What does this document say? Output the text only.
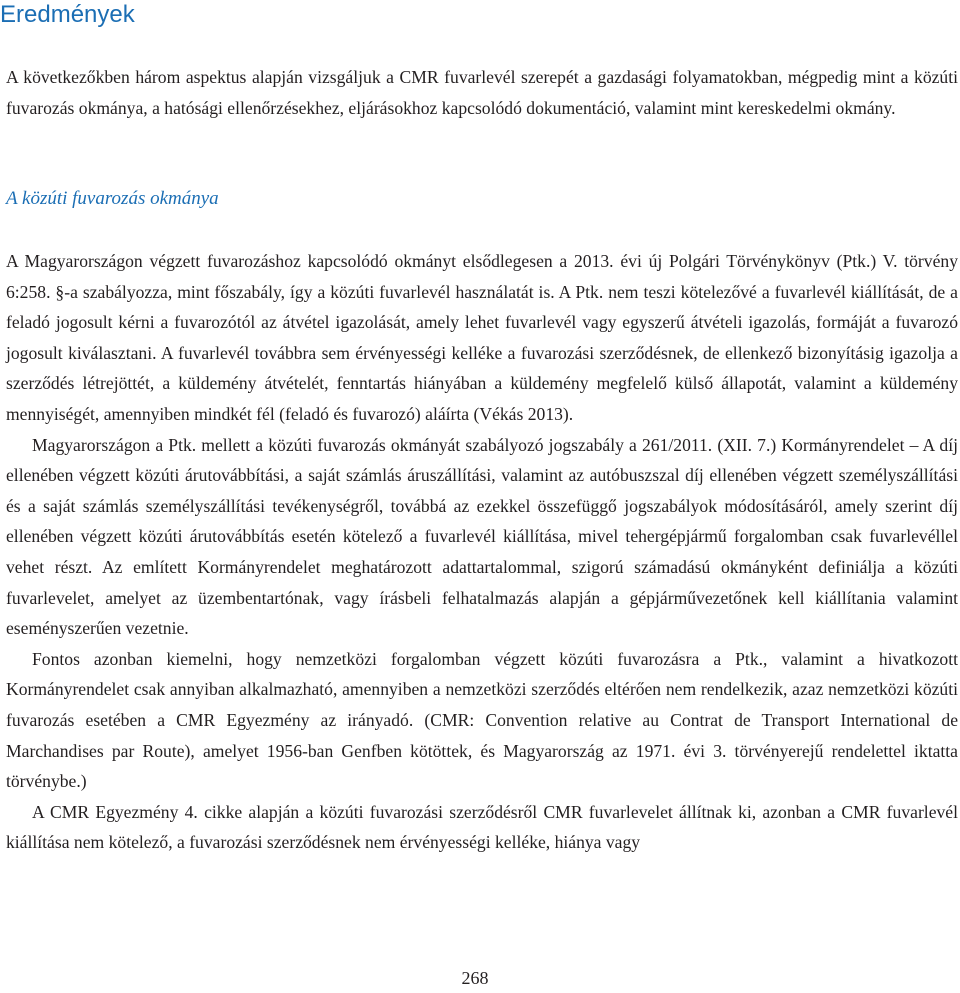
Eredmények

A következőkben három aspektus alapján vizsgáljuk a CMR fuvarlevél szerepét a gazdasági folyamatokban, mégpedig mint a közúti fuvarozás okmánya, a hatósági ellenőrzésekhez, eljárásokhoz kapcsolódó dokumentáció, valamint mint kereskedelmi okmány.

A közúti fuvarozás okmánya

A Magyarországon végzett fuvarozáshoz kapcsolódó okmányt elsődlegesen a 2013. évi új Polgári Törvénykönyv (Ptk.) V. törvény 6:258. §-a szabályozza, mint főszabály, így a közúti fuvarlevél használatát is. A Ptk. nem teszi kötelezővé a fuvarlevél kiállítását, de a feladó jogosult kérni a fuvarozótól az átvétel igazolását, amely lehet fuvarlevél vagy egyszerű átvételi igazolás, formáját a fuvarozó jogosult kiválasztani. A fuvarlevél továbbra sem érvényességi kelléke a fuvarozási szerződésnek, de ellenkező bizonyításig igazolja a szerződés létrejöttét, a küldemény átvételét, fenntartás hiányában a küldemény megfelelő külső állapotát, valamint a küldemény mennyiségét, amennyiben mindkét fél (feladó és fuvarozó) aláírta (Vékás 2013).

Magyarországon a Ptk. mellett a közúti fuvarozás okmányát szabályozó jogszabály a 261/2011. (XII. 7.) Kormányrendelet – A díj ellenében végzett közúti árutovábbítási, a saját számlás áruszállítási, valamint az autóbuszszal díj ellenében végzett személyszállítási és a saját számlás személyszállítási tevékenységről, továbbá az ezekkel összefüggő jogszabályok módosításáról, amely szerint díj ellenében végzett közúti árutovábbítás esetén kötelező a fuvarlevél kiállítása, mivel tehergépjármű forgalomban csak fuvarlevéllel vehet részt. Az említett Kormányrendelet meghatározott adattartalommal, szigorú számadású okmányként definiálja a közúti fuvarlevelet, amelyet az üzembentartónak, vagy írásbeli felhatalmazás alapján a gépjárművezetőnek kell kiállítania valamint eseményszerűen vezetnie.

Fontos azonban kiemelni, hogy nemzetközi forgalomban végzett közúti fuvarozásra a Ptk., valamint a hivatkozott Kormányrendelet csak annyiban alkalmazható, amennyiben a nemzetközi szerződés eltérően nem rendelkezik, azaz nemzetközi közúti fuvarozás esetében a CMR Egyezmény az irányadó. (CMR: Convention relative au Contrat de Transport International de Marchandises par Route), amelyet 1956-ban Genfben kötöttek, és Magyarország az 1971. évi 3. törvényerejű rendelettel iktatta törvénybe.)

A CMR Egyezmény 4. cikke alapján a közúti fuvarozási szerződésről CMR fuvarlevelet állítnak ki, azonban a CMR fuvarlevél kiállítása nem kötelező, a fuvarozási szerződésnek nem érvényességi kelléke, hiánya vagy

268
